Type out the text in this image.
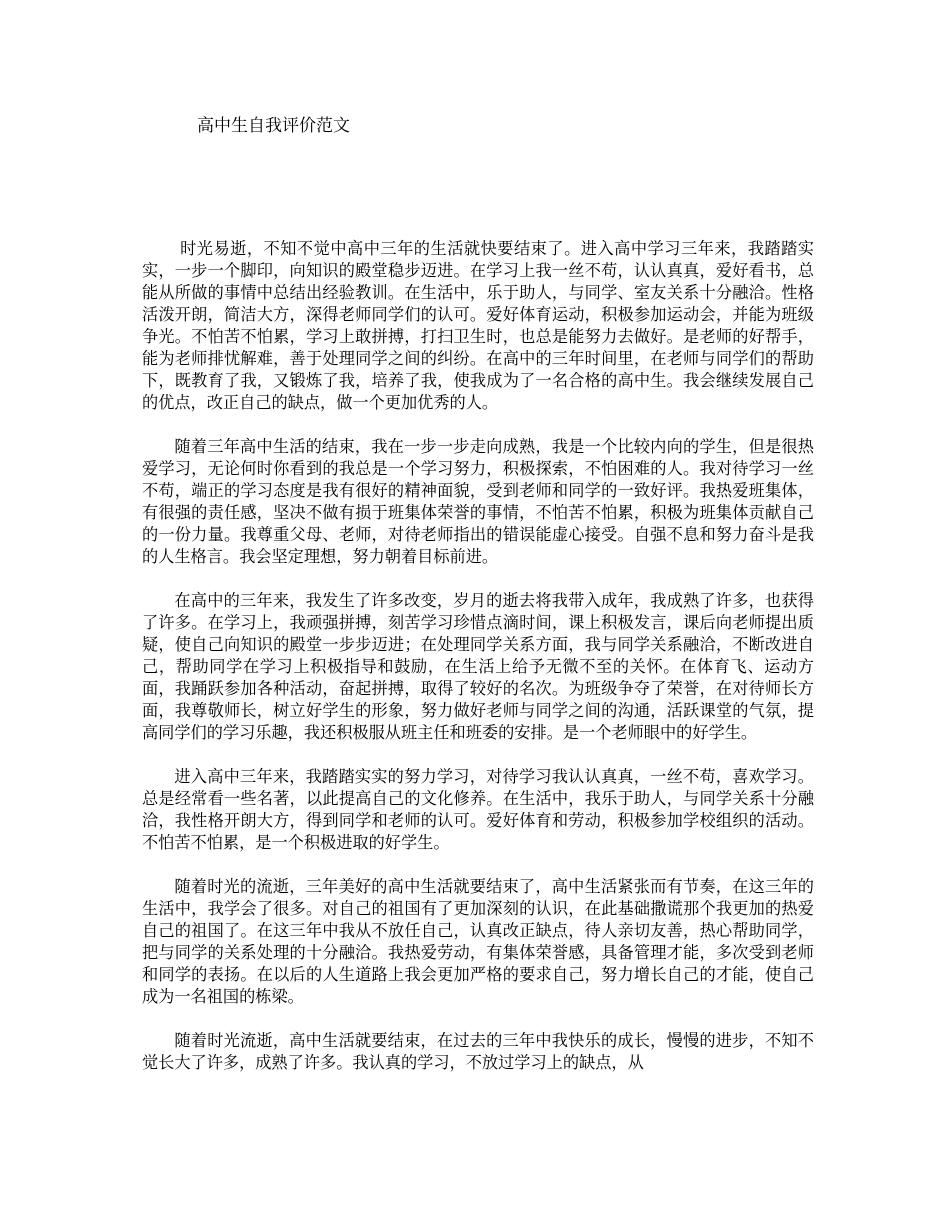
高中生自我评价范文

时光易逝，不知不觉中高中三年的生活就快要结束了。进入高中学习三年来，我踏踏实实，一步一个脚印，向知识的殿堂稳步迈进。在学习上我一丝不苟，认认真真，爱好看书，总能从所做的事情中总结出经验教训。在生活中，乐于助人，与同学、室友关系十分融洽。性格活泼开朗，简洁大方，深得老师同学们的认可。爱好体育运动，积极参加运动会，并能为班级争光。不怕苦不怕累，学习上敢拼搏，打扫卫生时，也总是能努力去做好。是老师的好帮手，能为老师排忧解难，善于处理同学之间的纠纷。在高中的三年时间里，在老师与同学们的帮助下，既教育了我，又锻炼了我，培养了我，使我成为了一名合格的高中生。我会继续发展自己的优点，改正自己的缺点，做一个更加优秀的人。

随着三年高中生活的结束，我在一步一步走向成熟，我是一个比较内向的学生，但是很热爱学习，无论何时你看到的我总是一个学习努力，积极探索，不怕困难的人。我对待学习一丝不苟，端正的学习态度是我有很好的精神面貌，受到老师和同学的一致好评。我热爱班集体，有很强的责任感，坚决不做有损于班集体荣誉的事情，不怕苦不怕累，积极为班集体贡献自己的一份力量。我尊重父母、老师，对待老师指出的错误能虚心接受。自强不息和努力奋斗是我的人生格言。我会坚定理想，努力朝着目标前进。

在高中的三年来，我发生了许多改变，岁月的逝去将我带入成年，我成熟了许多，也获得了许多。在学习上，我顽强拼搏，刻苦学习珍惜点滴时间，课上积极发言，课后向老师提出质疑，使自己向知识的殿堂一步步迈进；在处理同学关系方面，我与同学关系融洽，不断改进自己，帮助同学在学习上积极指导和鼓励，在生活上给予无微不至的关怀。在体育飞、运动方面，我踊跃参加各种活动，奋起拼搏，取得了较好的名次。为班级争夺了荣誉，在对待师长方面，我尊敬师长，树立好学生的形象，努力做好老师与同学之间的沟通，活跃课堂的气氛，提高同学们的学习乐趣，我还积极服从班主任和班委的安排。是一个老师眼中的好学生。

进入高中三年来，我踏踏实实的努力学习，对待学习我认认真真，一丝不苟，喜欢学习。总是经常看一些名著，以此提高自己的文化修养。在生活中，我乐于助人，与同学关系十分融洽，我性格开朗大方，得到同学和老师的认可。爱好体育和劳动，积极参加学校组织的活动。不怕苦不怕累，是一个积极进取的好学生。

随着时光的流逝，三年美好的高中生活就要结束了，高中生活紧张而有节奏，在这三年的生活中，我学会了很多。对自己的祖国有了更加深刻的认识，在此基础撒谎那个我更加的热爱自己的祖国了。在这三年中我从不放任自己，认真改正缺点，待人亲切友善，热心帮助同学，把与同学的关系处理的十分融洽。我热爱劳动，有集体荣誉感，具备管理才能，多次受到老师和同学的表扬。在以后的人生道路上我会更加严格的要求自己，努力增长自己的才能，使自己成为一名祖国的栋梁。

随着时光流逝，高中生活就要结束，在过去的三年中我快乐的成长，慢慢的进步，不知不觉长大了许多，成熟了许多。我认真的学习，不放过学习上的缺点，从
